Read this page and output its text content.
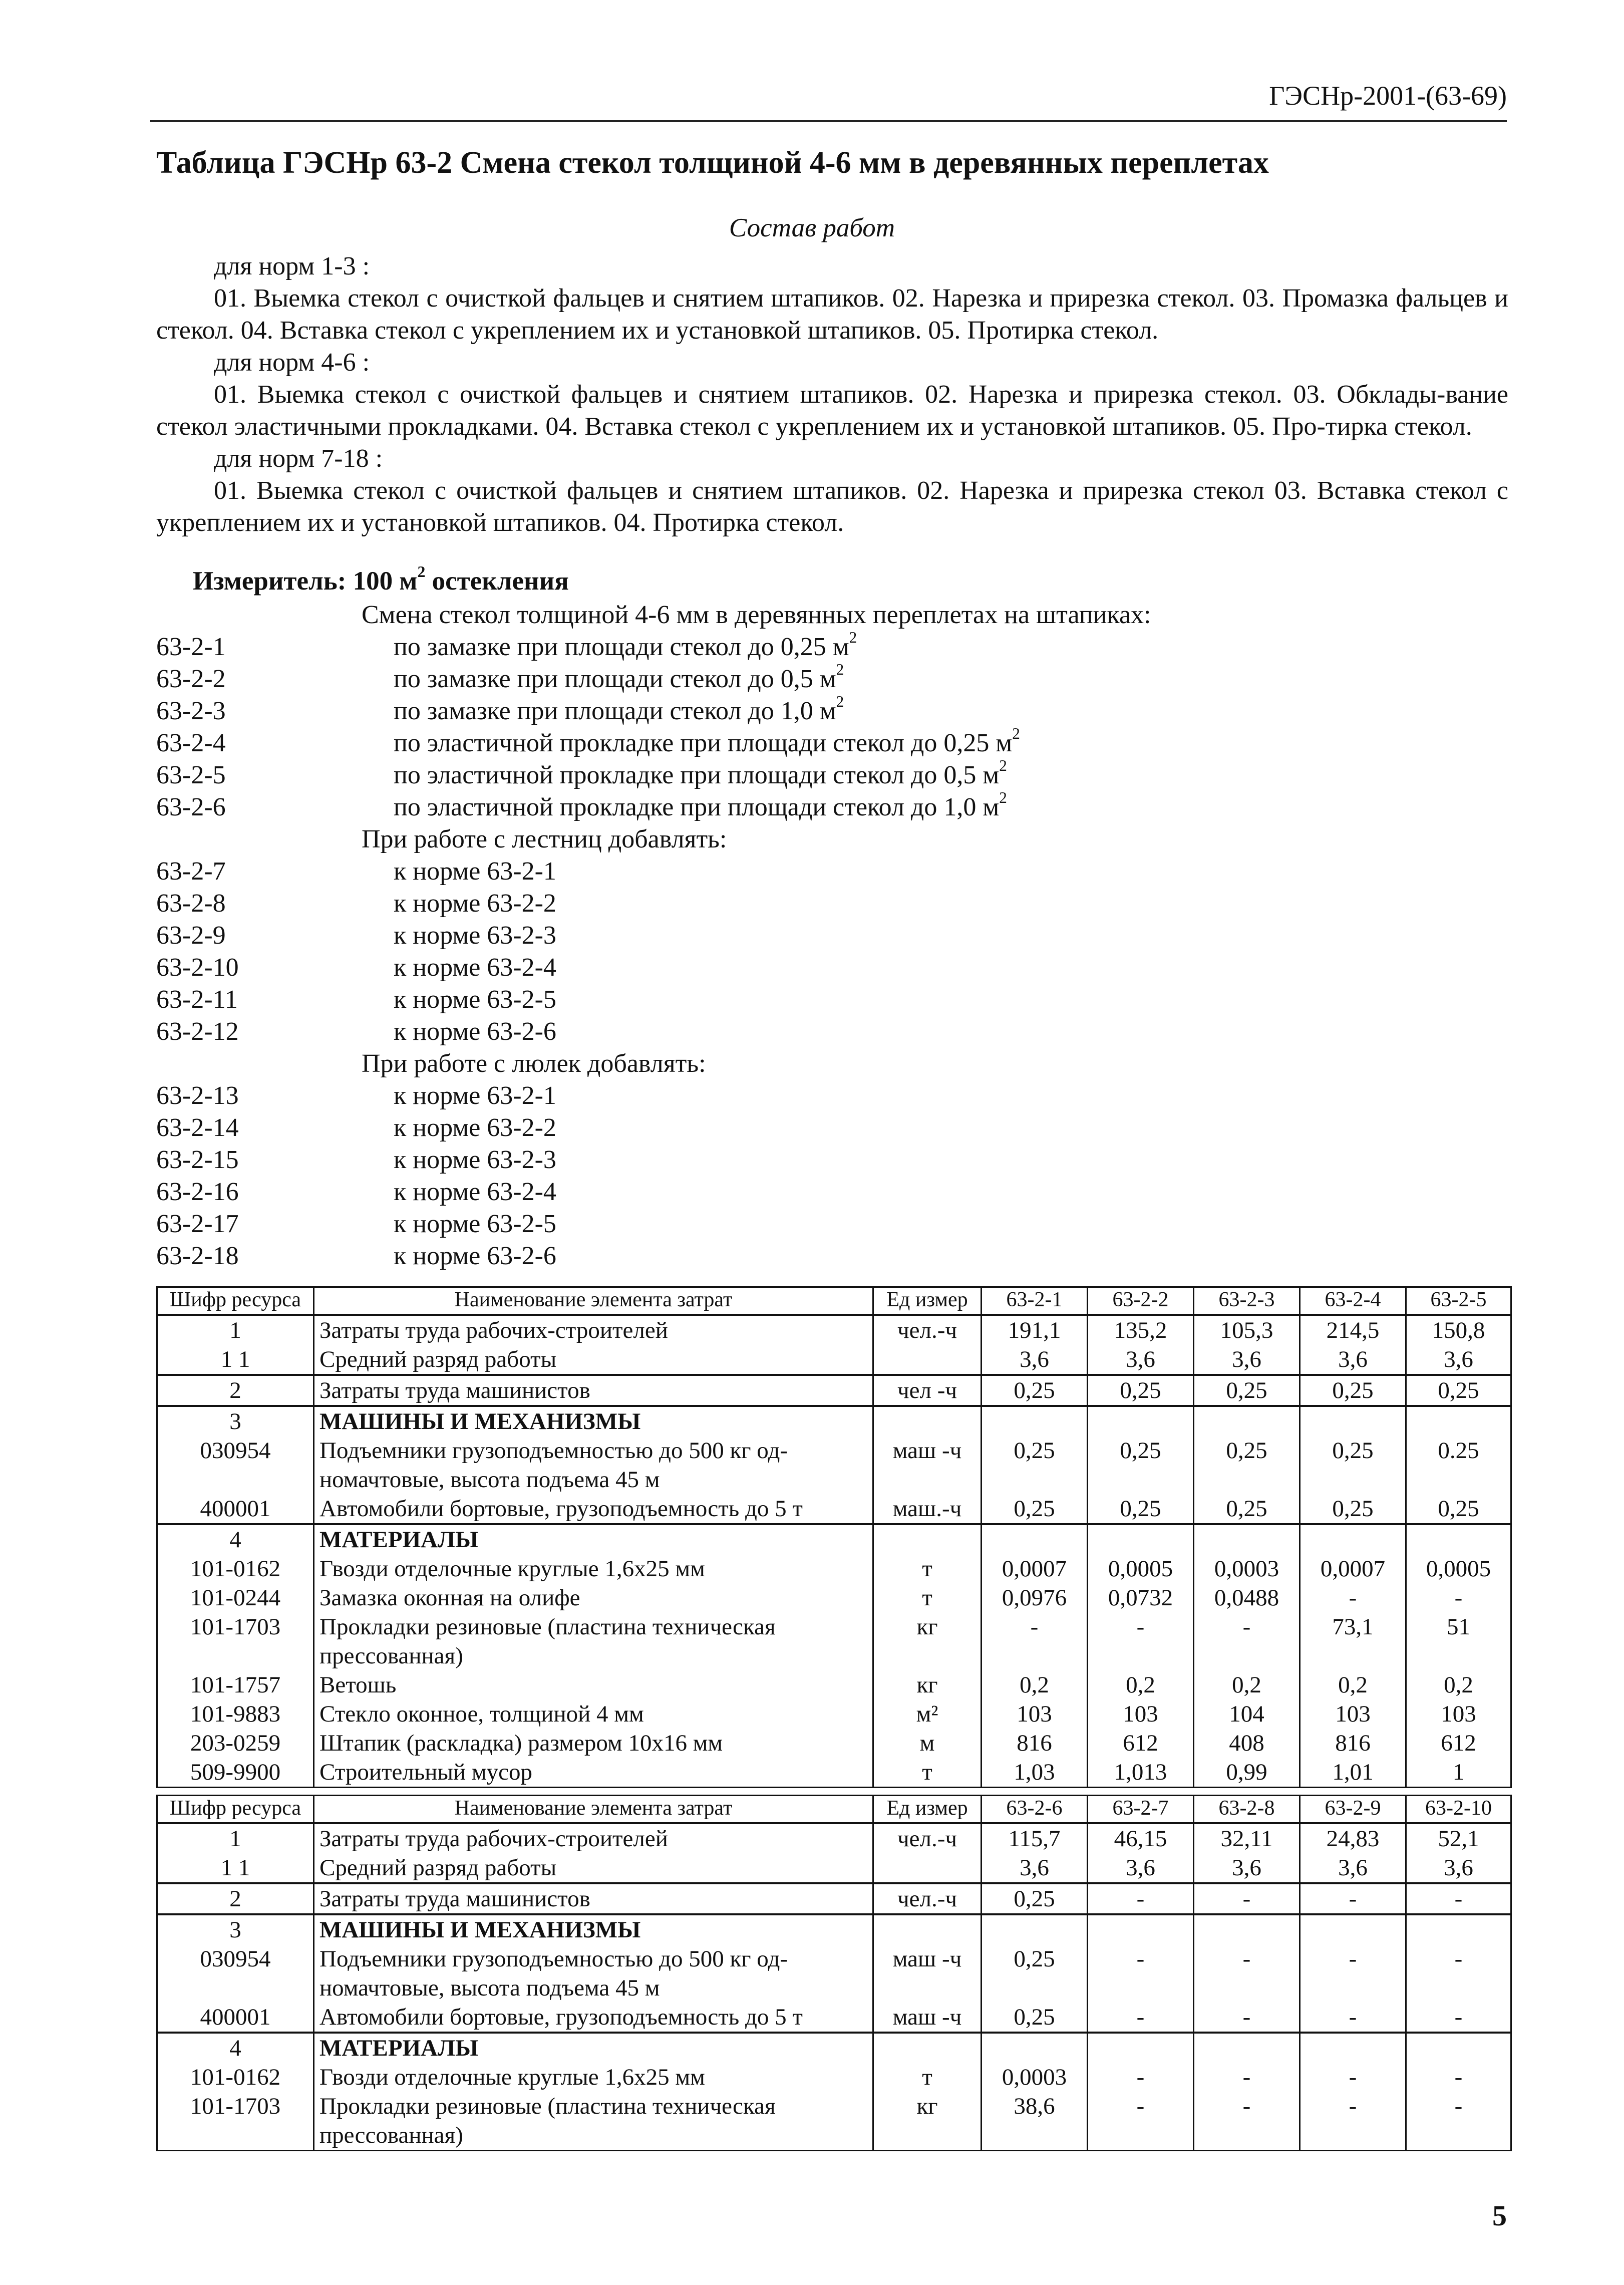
ГЭСНр-2001-(63-69)
Таблица ГЭСНр 63-2 Смена стекол толщиной 4-6 мм в деревянных переплетах
Состав работ
для норм 1-3 :
01. Выемка стекол с очисткой фальцев и снятием штапиков. 02. Нарезка и прирезка стекол. 03. Промазка фальцев и стекол. 04. Вставка стекол с укреплением их и установкой штапиков. 05. Протирка стекол.
для норм 4-6 :
01. Выемка стекол с очисткой фальцев и снятием штапиков. 02. Нарезка и прирезка стекол. 03. Обклады-вание стекол эластичными прокладками. 04. Вставка стекол с укреплением их и установкой штапиков. 05. Про-тирка стекол.
для норм 7-18 :
01. Выемка стекол с очисткой фальцев и снятием штапиков. 02. Нарезка и прирезка стекол 03. Вставка стекол с укреплением их и установкой штапиков. 04. Протирка стекол.
Измеритель: 100 $м^2$ остекления
Смена стекол толщиной 4-6 мм в деревянных переплетах на штапиках:
63-2-1	по замазке при площади стекол до 0,25 $м^2$
63-2-2	по замазке при площади стекол до 0,5 $м^2$
63-2-3	по замазке при площади стекол до 1,0 $м^2$
63-2-4	по эластичной прокладке при площади стекол до 0,25 $м^2$
63-2-5	по эластичной прокладке при площади стекол до 0,5 $м^2$
63-2-6	по эластичной прокладке при площади стекол до 1,0 $м^2$
При работе с лестниц добавлять:
63-2-7	к норме 63-2-1
63-2-8	к норме 63-2-2
63-2-9	к норме 63-2-3
63-2-10	к норме 63-2-4
63-2-11	к норме 63-2-5
63-2-12	к норме 63-2-6
При работе с люлек добавлять:
63-2-13	к норме 63-2-1
63-2-14	к норме 63-2-2
63-2-15	к норме 63-2-3
63-2-16	к норме 63-2-4
63-2-17	к норме 63-2-5
63-2-18	к норме 63-2-6
Шифр ресурса	Наименование элемента затрат	Ед измер	63-2-1	63-2-2	63-2-3	63-2-4	63-2-5
1	Затраты труда рабочих-строителей	чел.-ч	191,1	135,2	105,3	214,5	150,8
1 1	Средний разряд работы		3,6	3,6	3,6	3,6	3,6
2	Затраты труда машинистов	чел -ч	0,25	0,25	0,25	0,25	0,25
3	МАШИНЫ И МЕХАНИЗМЫ						
030954	Подъемники грузоподъемностью до 500 кг од-номачтовые, высота подъема 45 м	маш -ч	0,25	0,25	0,25	0,25	0.25
400001	Автомобили бортовые, грузоподъемность до 5 т	маш.-ч	0,25	0,25	0,25	0,25	0,25
4	МАТЕРИАЛЫ						
101-0162	Гвозди отделочные круглые 1,6х25 мм	т	0,0007	0,0005	0,0003	0,0007	0,0005
101-0244	Замазка оконная на олифе	т	0,0976	0,0732	0,0488	-	-
101-1703	Прокладки резиновые (пластина техническая прессованная)	кг	-	-	-	73,1	51
101-1757	Ветошь	кг	0,2	0,2	0,2	0,2	0,2
101-9883	Стекло оконное, толщиной 4 мм	м²	103	103	104	103	103
203-0259	Штапик (раскладка) размером 10х16 мм	м	816	612	408	816	612
509-9900	Строительный мусор	т	1,03	1,013	0,99	1,01	1
Шифр ресурса	Наименование элемента затрат	Ед измер	63-2-6	63-2-7	63-2-8	63-2-9	63-2-10
1	Затраты труда рабочих-строителей	чел.-ч	115,7	46,15	32,11	24,83	52,1
1 1	Средний разряд работы		3,6	3,6	3,6	3,6	3,6
2	Затраты труда машинистов	чел.-ч	0,25	-	-	-	-
3	МАШИНЫ И МЕХАНИЗМЫ						
030954	Подъемники грузоподъемностью до 500 кг од-номачтовые, высота подъема 45 м	маш -ч	0,25	-	-	-	-
400001	Автомобили бортовые, грузоподъемность до 5 т	маш -ч	0,25	-	-	-	-
4	МАТЕРИАЛЫ						
101-0162	Гвозди отделочные круглые 1,6х25 мм	т	0,0003	-	-	-	-
101-1703	Прокладки резиновые (пластина техническая прессованная)	кг	38,6	-	-	-	-
5
